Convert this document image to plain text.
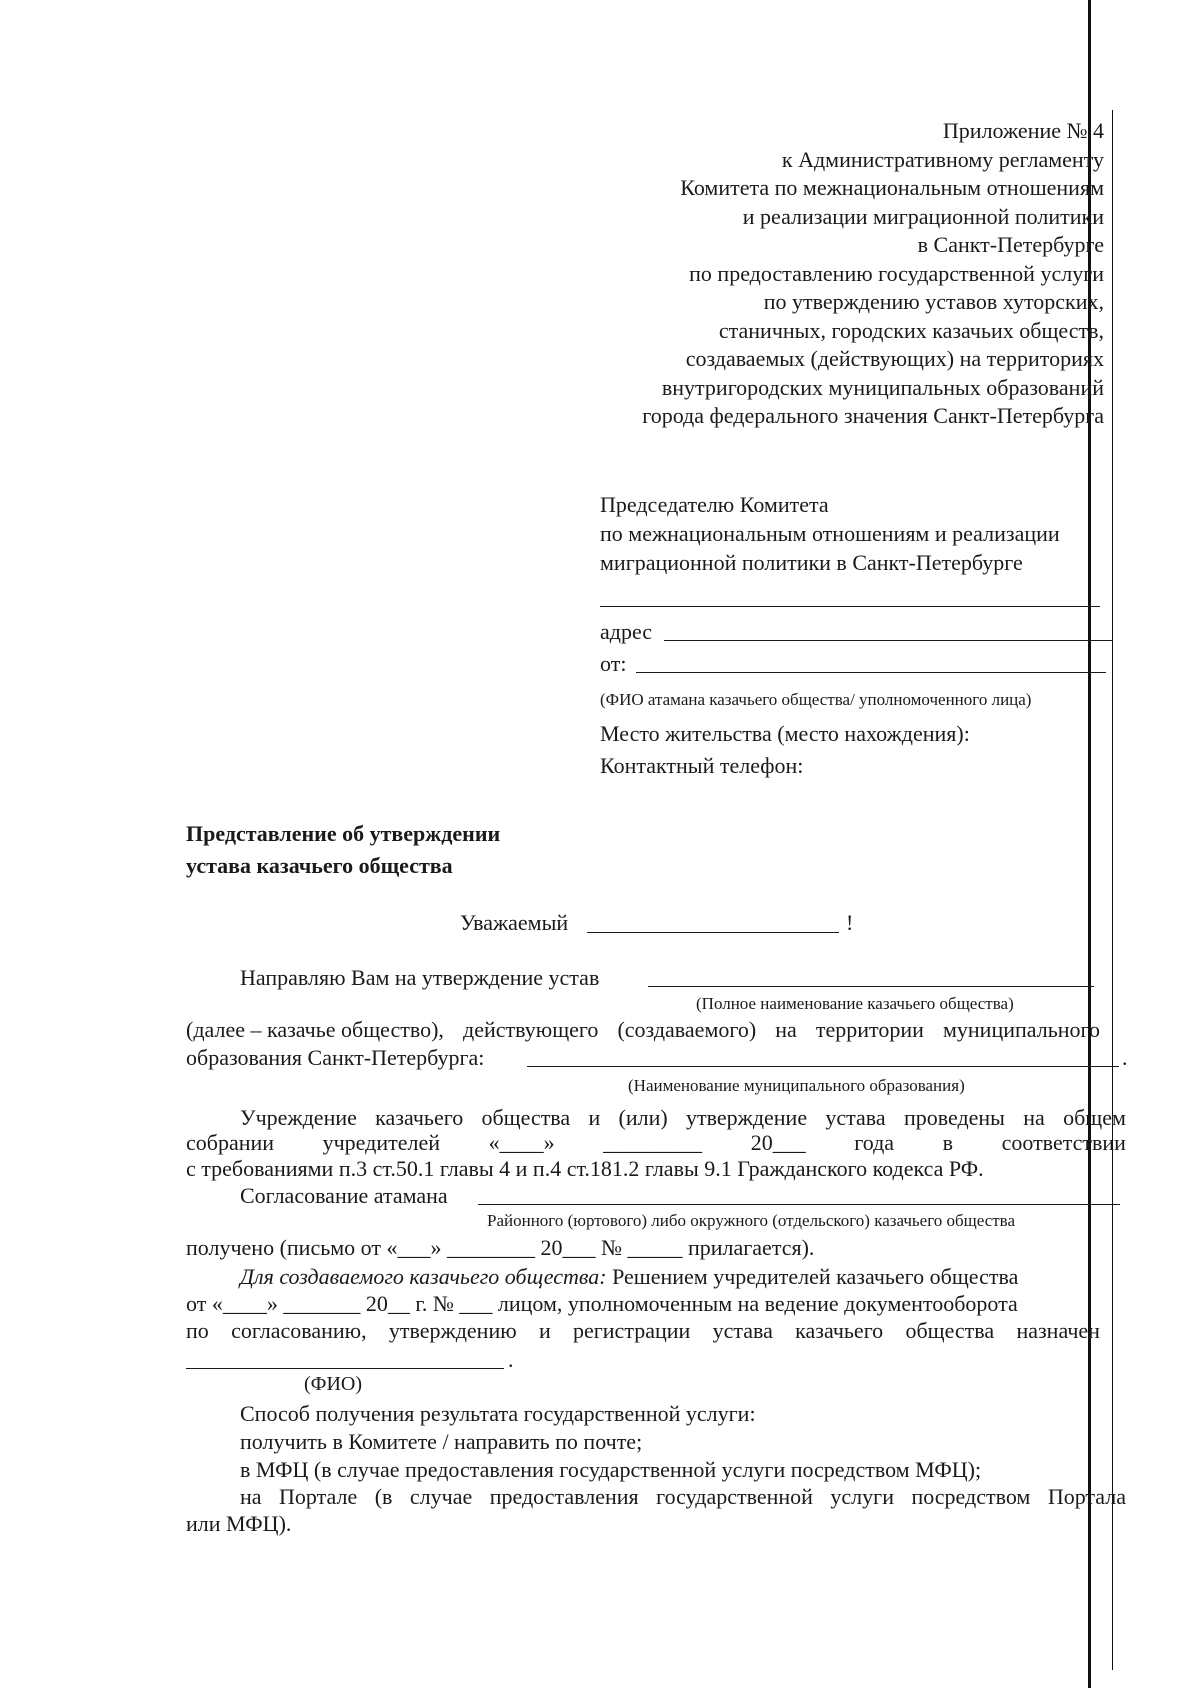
Приложение № 4
к Административному регламенту
Комитета по межнациональным отношениям
и реализации миграционной политики
в Санкт-Петербурге
по предоставлению государственной услуги
по утверждению уставов хуторских,
станичных, городских казачьих обществ,
создаваемых (действующих) на территориях
внутригородских муниципальных образований
города федерального значения Санкт-Петербурга
Председателю Комитета
по межнациональным отношениям и реализации
миграционной политики в Санкт-Петербурге
адрес
от:
(ФИО атамана казачьего общества/ уполномоченного лица)
Место жительства (место нахождения):
Контактный телефон:
Представление об утверждении
устава казачьего общества
Уважаемый	!
Направляю Вам на утверждение устав
(Полное наименование казачьего общества)
(далее – казачье общество), действующего (создаваемого) на территории муниципального
образования Санкт-Петербурга:	.
(Наименование муниципального образования)
Учреждение казачьего общества и (или) утверждение устава проведены на общем
собрании учредителей «____» _________ 20___ года в соответствии
с требованиями п.3 ст.50.1 главы 4 и п.4 ст.181.2 главы 9.1 Гражданского кодекса РФ.
Согласование атамана
Районного (юртового) либо окружного (отдельского) казачьего общества
получено (письмо от «___» ________ 20___ № _____ прилагается).
Для создаваемого казачьего общества: Решением учредителей казачьего общества
от «____» _______ 20__ г. № ___ лицом, уполномоченным на ведение документооборота
по согласованию, утверждению и регистрации устава казачьего общества назначен
.
(ФИО)
Способ получения результата государственной услуги:
получить в Комитете / направить по почте;
в МФЦ (в случае предоставления государственной услуги посредством МФЦ);
на Портале (в случае предоставления государственной услуги посредством Портала
или МФЦ).
